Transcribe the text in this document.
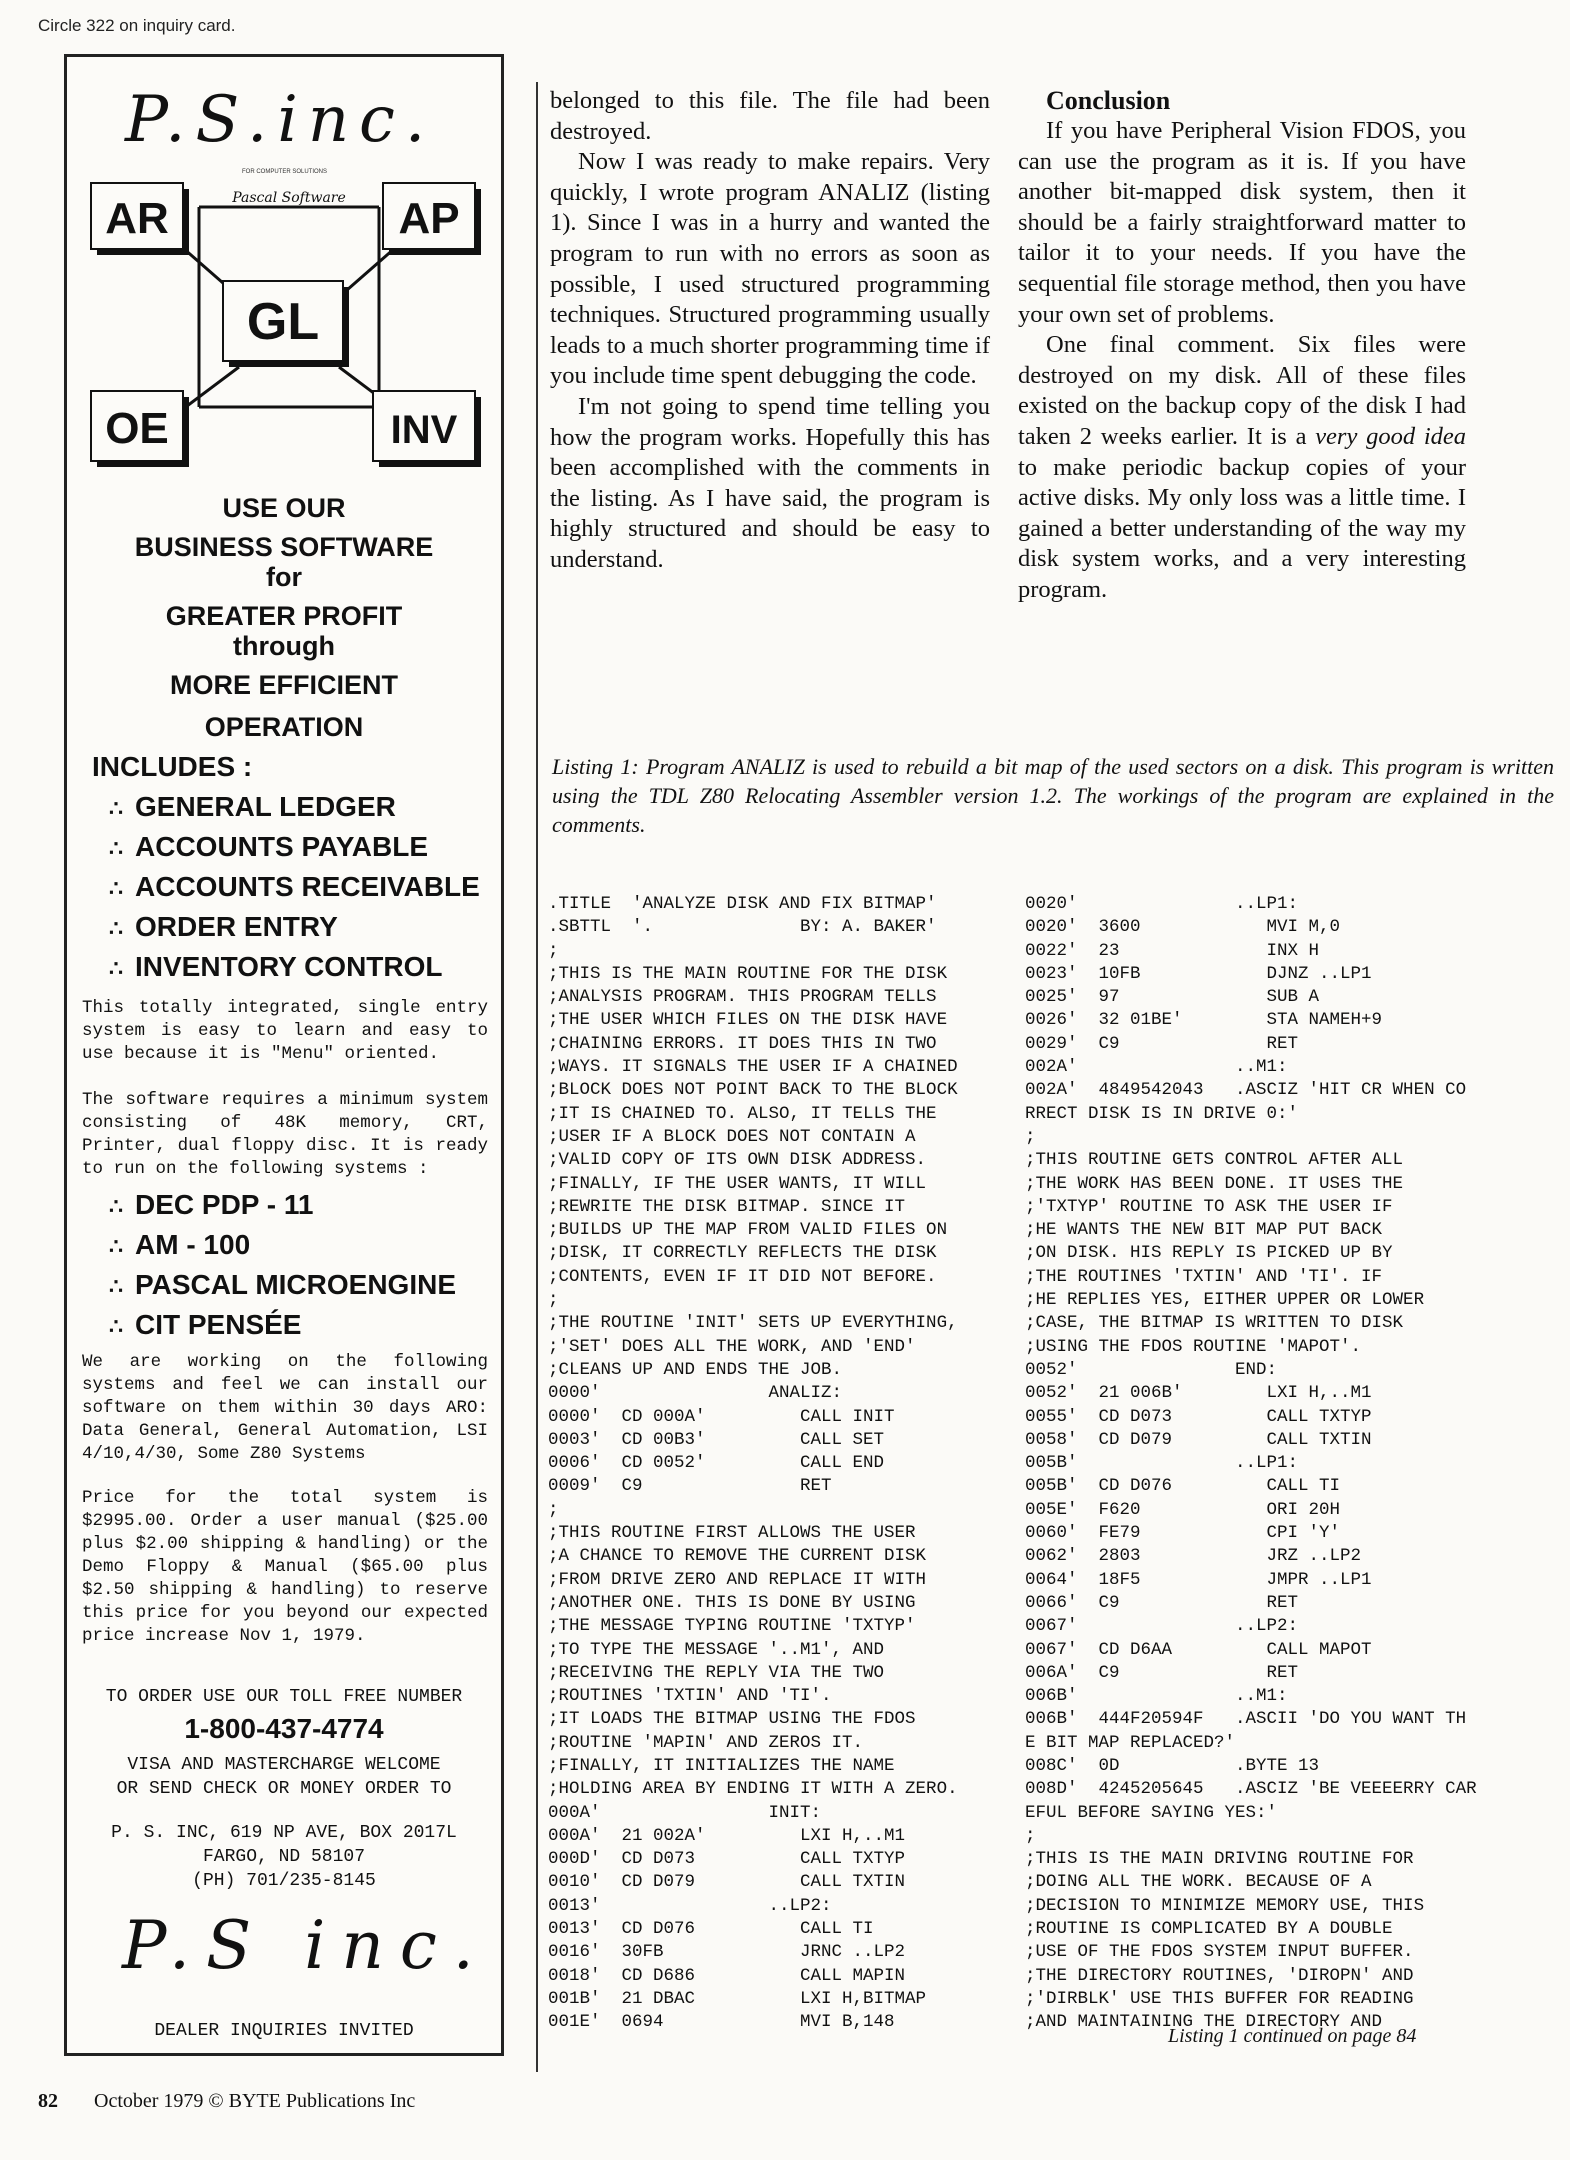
Circle 322 on inquiry card.
P.S.inc.
FOR COMPUTER SOLUTIONS
AR	AP
GL
OE	INV
Pascal Software
USE OUR
BUSINESS SOFTWARE
for
GREATER PROFIT
through
MORE EFFICIENT
OPERATION
INCLUDES :
∴ GENERAL LEDGER
∴ ACCOUNTS PAYABLE
∴ ACCOUNTS RECEIVABLE
∴ ORDER ENTRY
∴ INVENTORY CONTROL
This totally integrated, single entry system is easy to learn and easy to use because it is "Menu" oriented.
The software requires a minimum system consisting of 48K memory, CRT, Printer, dual floppy disc. It is ready to run on the following systems :
∴ DEC PDP - 11
∴ AM - 100
∴ PASCAL MICROENGINE
∴ CIT PENSÉE
We are working on the following systems and feel we can install our software on them within 30 days ARO: Data General, General Automation, LSI 4/10,4/30, Some Z80 Systems
Price for the total system is $2995.00. Order a user manual ($25.00 plus $2.00 shipping & handling) or the Demo Floppy & Manual ($65.00 plus $2.50 shipping & handling) to reserve this price for you beyond our expected price increase Nov 1, 1979.
TO ORDER USE OUR TOLL FREE NUMBER
1-800-437-4774
VISA AND MASTERCHARGE WELCOME
OR SEND CHECK OR MONEY ORDER TO
P. S. INC, 619 NP AVE, BOX 2017L
FARGO, ND 58107
(PH) 701/235-8145
P.S inc.
DEALER INQUIRIES INVITED

belonged to this file. The file had been destroyed.

Now I was ready to make repairs. Very quickly, I wrote program ANALIZ (listing 1). Since I was in a hurry and wanted the program to run with no errors as soon as possible, I used structured programming techniques. Structured programming usually leads to a much shorter programming time if you include time spent debugging the code.

I'm not going to spend time telling you how the program works. Hopefully this has been accomplished with the comments in the listing. As I have said, the program is highly structured and should be easy to understand.

Conclusion

If you have Peripheral Vision FDOS, you can use the program as it is. If you have another bit-mapped disk system, then it should be a fairly straightforward matter to tailor it to your needs. If you have the sequential file storage method, then you have your own set of problems.

One final comment. Six files were destroyed on my disk. All of these files existed on the backup copy of the disk I had taken 2 weeks earlier. It is a very good idea to make periodic backup copies of your active disks. My only loss was a little time. I gained a better understanding of the way my disk system works, and a very interesting program.

Listing 1: Program ANALIZ is used to rebuild a bit map of the used sectors on a disk. This program is written using the TDL Z80 Relocating Assembler version 1.2. The workings of the program are explained in the comments.
.TITLE  'ANALYZE DISK AND FIX BITMAP'
.SBTTL  '.              BY: A. BAKER'
;
;THIS IS THE MAIN ROUTINE FOR THE DISK
;ANALYSIS PROGRAM. THIS PROGRAM TELLS
;THE USER WHICH FILES ON THE DISK HAVE
;CHAINING ERRORS. IT DOES THIS IN TWO
;WAYS. IT SIGNALS THE USER IF A CHAINED
;BLOCK DOES NOT POINT BACK TO THE BLOCK
;IT IS CHAINED TO. ALSO, IT TELLS THE
;USER IF A BLOCK DOES NOT CONTAIN A
;VALID COPY OF ITS OWN DISK ADDRESS.
;FINALLY, IF THE USER WANTS, IT WILL
;REWRITE THE DISK BITMAP. SINCE IT
;BUILDS UP THE MAP FROM VALID FILES ON
;DISK, IT CORRECTLY REFLECTS THE DISK
;CONTENTS, EVEN IF IT DID NOT BEFORE.
;
;THE ROUTINE 'INIT' SETS UP EVERYTHING,
;'SET' DOES ALL THE WORK, AND 'END'
;CLEANS UP AND ENDS THE JOB.
0000'                ANALIZ:
0000'  CD 000A'         CALL INIT
0003'  CD 00B3'         CALL SET
0006'  CD 0052'         CALL END
0009'  C9               RET
;
;THIS ROUTINE FIRST ALLOWS THE USER
;A CHANCE TO REMOVE THE CURRENT DISK
;FROM DRIVE ZERO AND REPLACE IT WITH
;ANOTHER ONE. THIS IS DONE BY USING
;THE MESSAGE TYPING ROUTINE 'TXTYP'
;TO TYPE THE MESSAGE '..M1', AND
;RECEIVING THE REPLY VIA THE TWO
;ROUTINES 'TXTIN' AND 'TI'.
;IT LOADS THE BITMAP USING THE FDOS
;ROUTINE 'MAPIN' AND ZEROS IT.
;FINALLY, IT INITIALIZES THE NAME
;HOLDING AREA BY ENDING IT WITH A ZERO.
000A'                INIT:
000A'  21 002A'         LXI H,..M1
000D'  CD D073          CALL TXTYP
0010'  CD D079          CALL TXTIN
0013'                ..LP2:
0013'  CD D076          CALL TI
0016'  30FB             JRNC ..LP2
0018'  CD D686          CALL MAPIN
001B'  21 DBAC          LXI H,BITMAP
001E'  0694             MVI B,148
0020'               ..LP1:
0020'  3600            MVI M,0
0022'  23              INX H
0023'  10FB            DJNZ ..LP1
0025'  97              SUB A
0026'  32 01BE'        STA NAMEH+9
0029'  C9              RET
002A'               ..M1:
002A'  4849542043   .ASCIZ 'HIT CR WHEN CO
RRECT DISK IS IN DRIVE 0:'
;
;THIS ROUTINE GETS CONTROL AFTER ALL
;THE WORK HAS BEEN DONE. IT USES THE
;'TXTYP' ROUTINE TO ASK THE USER IF
;HE WANTS THE NEW BIT MAP PUT BACK
;ON DISK. HIS REPLY IS PICKED UP BY
;THE ROUTINES 'TXTIN' AND 'TI'. IF
;HE REPLIES YES, EITHER UPPER OR LOWER
;CASE, THE BITMAP IS WRITTEN TO DISK
;USING THE FDOS ROUTINE 'MAPOT'.
0052'               END:
0052'  21 006B'        LXI H,..M1
0055'  CD D073         CALL TXTYP
0058'  CD D079         CALL TXTIN
005B'               ..LP1:
005B'  CD D076         CALL TI
005E'  F620            ORI 20H
0060'  FE79            CPI 'Y'
0062'  2803            JRZ ..LP2
0064'  18F5            JMPR ..LP1
0066'  C9              RET
0067'               ..LP2:
0067'  CD D6AA         CALL MAPOT
006A'  C9              RET
006B'               ..M1:
006B'  444F20594F   .ASCII 'DO YOU WANT TH
E BIT MAP REPLACED?'
008C'  0D           .BYTE 13
008D'  4245205645   .ASCIZ 'BE VEEEERRY CAR
EFUL BEFORE SAYING YES:'
;
;THIS IS THE MAIN DRIVING ROUTINE FOR
;DOING ALL THE WORK. BECAUSE OF A
;DECISION TO MINIMIZE MEMORY USE, THIS
;ROUTINE IS COMPLICATED BY A DOUBLE
;USE OF THE FDOS SYSTEM INPUT BUFFER.
;THE DIRECTORY ROUTINES, 'DIROPN' AND
;'DIRBLK' USE THIS BUFFER FOR READING
;AND MAINTAINING THE DIRECTORY AND
Listing 1 continued on page 84
82 October 1979 © BYTE Publications Inc
